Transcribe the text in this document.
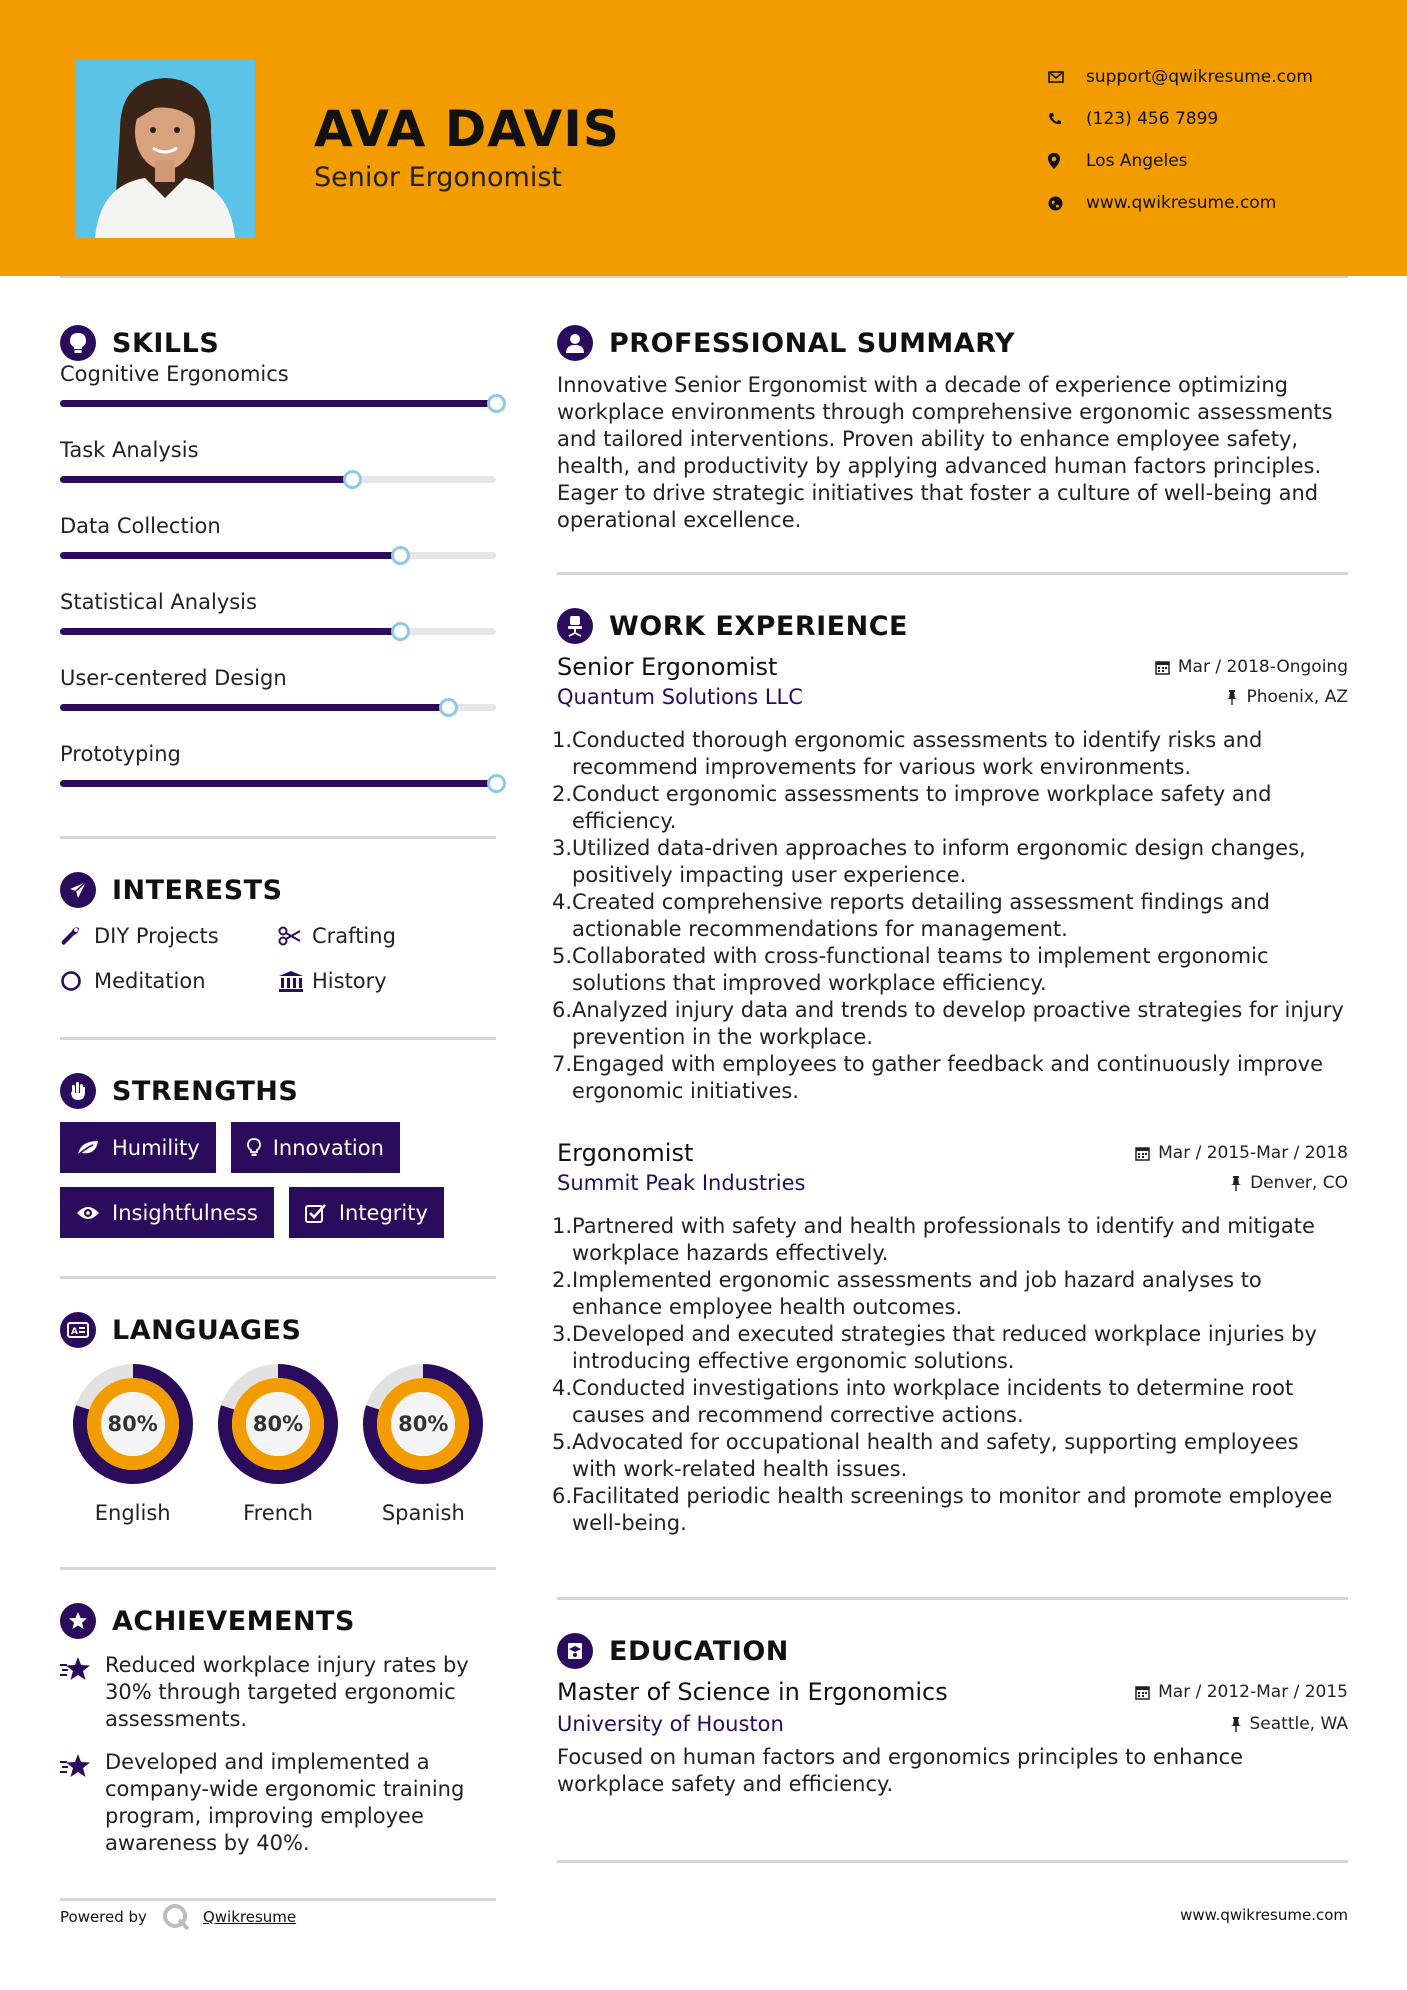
AVA DAVIS
Senior Ergonomist
support@qwikresume.com
(123) 456 7899
Los Angeles
www.qwikresume.com
SKILLS
Cognitive Ergonomics
Task Analysis
Data Collection
Statistical Analysis
User-centered Design
Prototyping
INTERESTS
DIY Projects	Crafting
Meditation	History
STRENGTHS
Humility	Innovation
Insightfulness	Integrity
A LANGUAGES
80%
English
80%
French
80%
Spanish
ACHIEVEMENTS
Reduced workplace injury rates by 30% through targeted ergonomic assessments.
Developed and implemented a company-wide ergonomic training program, improving employee awareness by 40%.
PROFESSIONAL SUMMARY

Innovative Senior Ergonomist with a decade of experience optimizing workplace environments through comprehensive ergonomic assessments and tailored interventions. Proven ability to enhance employee safety, health, and productivity by applying advanced human factors principles. Eager to drive strategic initiatives that foster a culture of well-being and operational excellence.

WORK EXPERIENCE
Senior Ergonomist	Mar / 2018-Ongoing
Quantum Solutions LLC	Phoenix, AZ
1. Conducted thorough ergonomic assessments to identify risks and recommend improvements for various work environments.
2. Conduct ergonomic assessments to improve workplace safety and efficiency.
3. Utilized data-driven approaches to inform ergonomic design changes, positively impacting user experience.
4. Created comprehensive reports detailing assessment findings and actionable recommendations for management.
5. Collaborated with cross-functional teams to implement ergonomic solutions that improved workplace efficiency.
6. Analyzed injury data and trends to develop proactive strategies for injury prevention in the workplace.
7. Engaged with employees to gather feedback and continuously improve ergonomic initiatives.
Ergonomist	Mar / 2015-Mar / 2018
Summit Peak Industries	Denver, CO
1. Partnered with safety and health professionals to identify and mitigate workplace hazards effectively.
2. Implemented ergonomic assessments and job hazard analyses to enhance employee health outcomes.
3. Developed and executed strategies that reduced workplace injuries by introducing effective ergonomic solutions.
4. Conducted investigations into workplace incidents to determine root causes and recommend corrective actions.
5. Advocated for occupational health and safety, supporting employees with work-related health issues.
6. Facilitated periodic health screenings to monitor and promote employee well-being.
EDUCATION
Master of Science in Ergonomics	Mar / 2012-Mar / 2015
University of Houston	Seattle, WA

Focused on human factors and ergonomics principles to enhance workplace safety and efficiency.

Powered by	Qwikresume	www.qwikresume.com
